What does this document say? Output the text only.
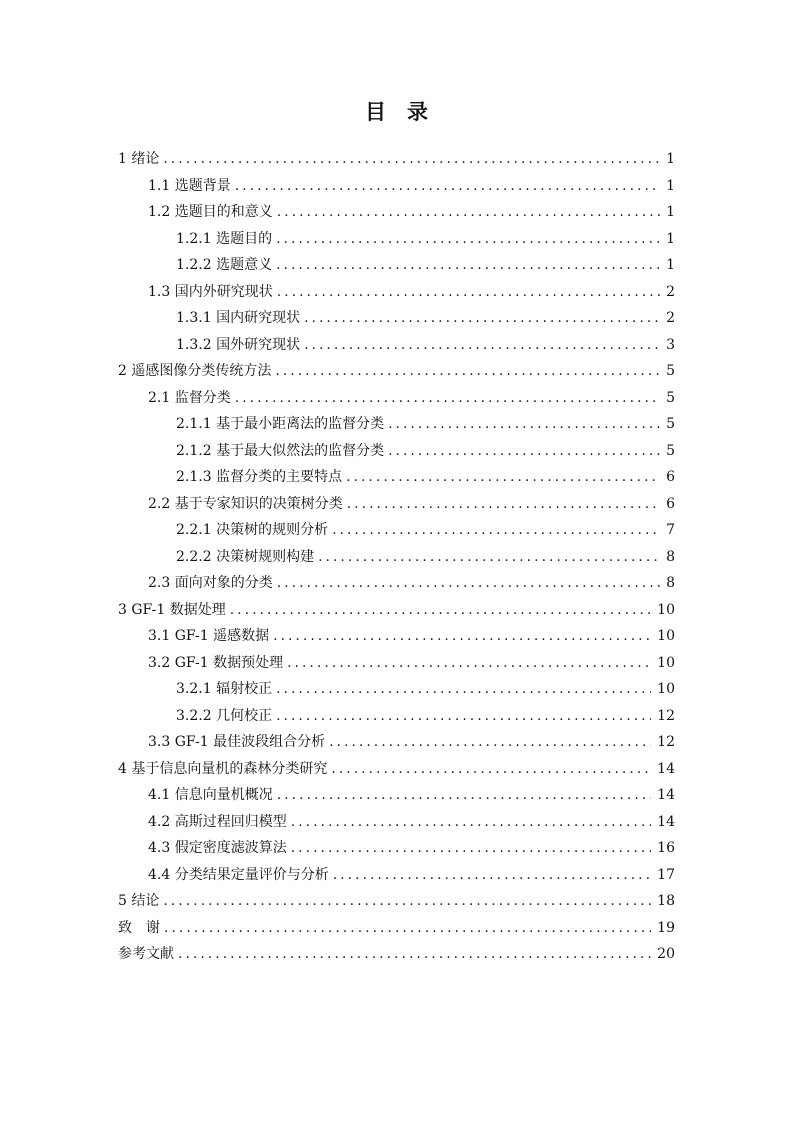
目　录
1 绪论 .....	1
1.1 选题背景 .....	1
1.2 选题目的和意义 .....	1
1.2.1 选题目的 .....	1
1.2.2 选题意义 .....	1
1.3 国内外研究现状 .....	2
1.3.1 国内研究现状 .....	2
1.3.2 国外研究现状 .....	3
2 遥感图像分类传统方法 .....	5
2.1 监督分类 .....	5
2.1.1 基于最小距离法的监督分类 .....	5
2.1.2 基于最大似然法的监督分类 .....	5
2.1.3 监督分类的主要特点 .....	6
2.2 基于专家知识的决策树分类 .....	6
2.2.1 决策树的规则分析 .....	7
2.2.2 决策树规则构建 .....	8
2.3 面向对象的分类 .....	8
3 GF-1 数据处理 .....	10
3.1 GF-1 遥感数据 .....	10
3.2 GF-1 数据预处理 .....	10
3.2.1 辐射校正 .....	10
3.2.2 几何校正 .....	12
3.3 GF-1 最佳波段组合分析 .....	12
4 基于信息向量机的森林分类研究 .....	14
4.1 信息向量机概况 .....	14
4.2 高斯过程回归模型 .....	14
4.3 假定密度滤波算法 .....	16
4.4 分类结果定量评价与分析 .....	17
5 结论 .....	18
致　谢 .....	19
参考文献 .....	20
